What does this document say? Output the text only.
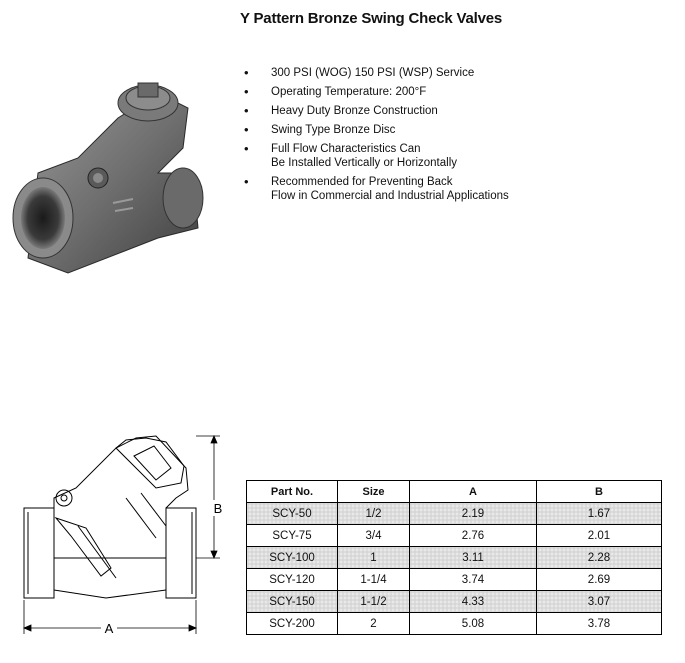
Y Pattern Bronze Swing Check Valves
• 300 PSI (WOG) 150 PSI (WSP) Service
• Operating Temperature: 200°F
• Heavy Duty Bronze Construction
• Swing Type Bronze Disc
• Full Flow Characteristics Can
Be Installed Vertically or Horizontally
• Recommended for Preventing Back
Flow in Commercial and Industrial Applications
B
A
Part No.	Size	A	B
SCY-50	1/2	2.19	1.67
SCY-75	3/4	2.76	2.01
SCY-100	1	3.11	2.28
SCY-120	1-1/4	3.74	2.69
SCY-150	1-1/2	4.33	3.07
SCY-200	2	5.08	3.78
